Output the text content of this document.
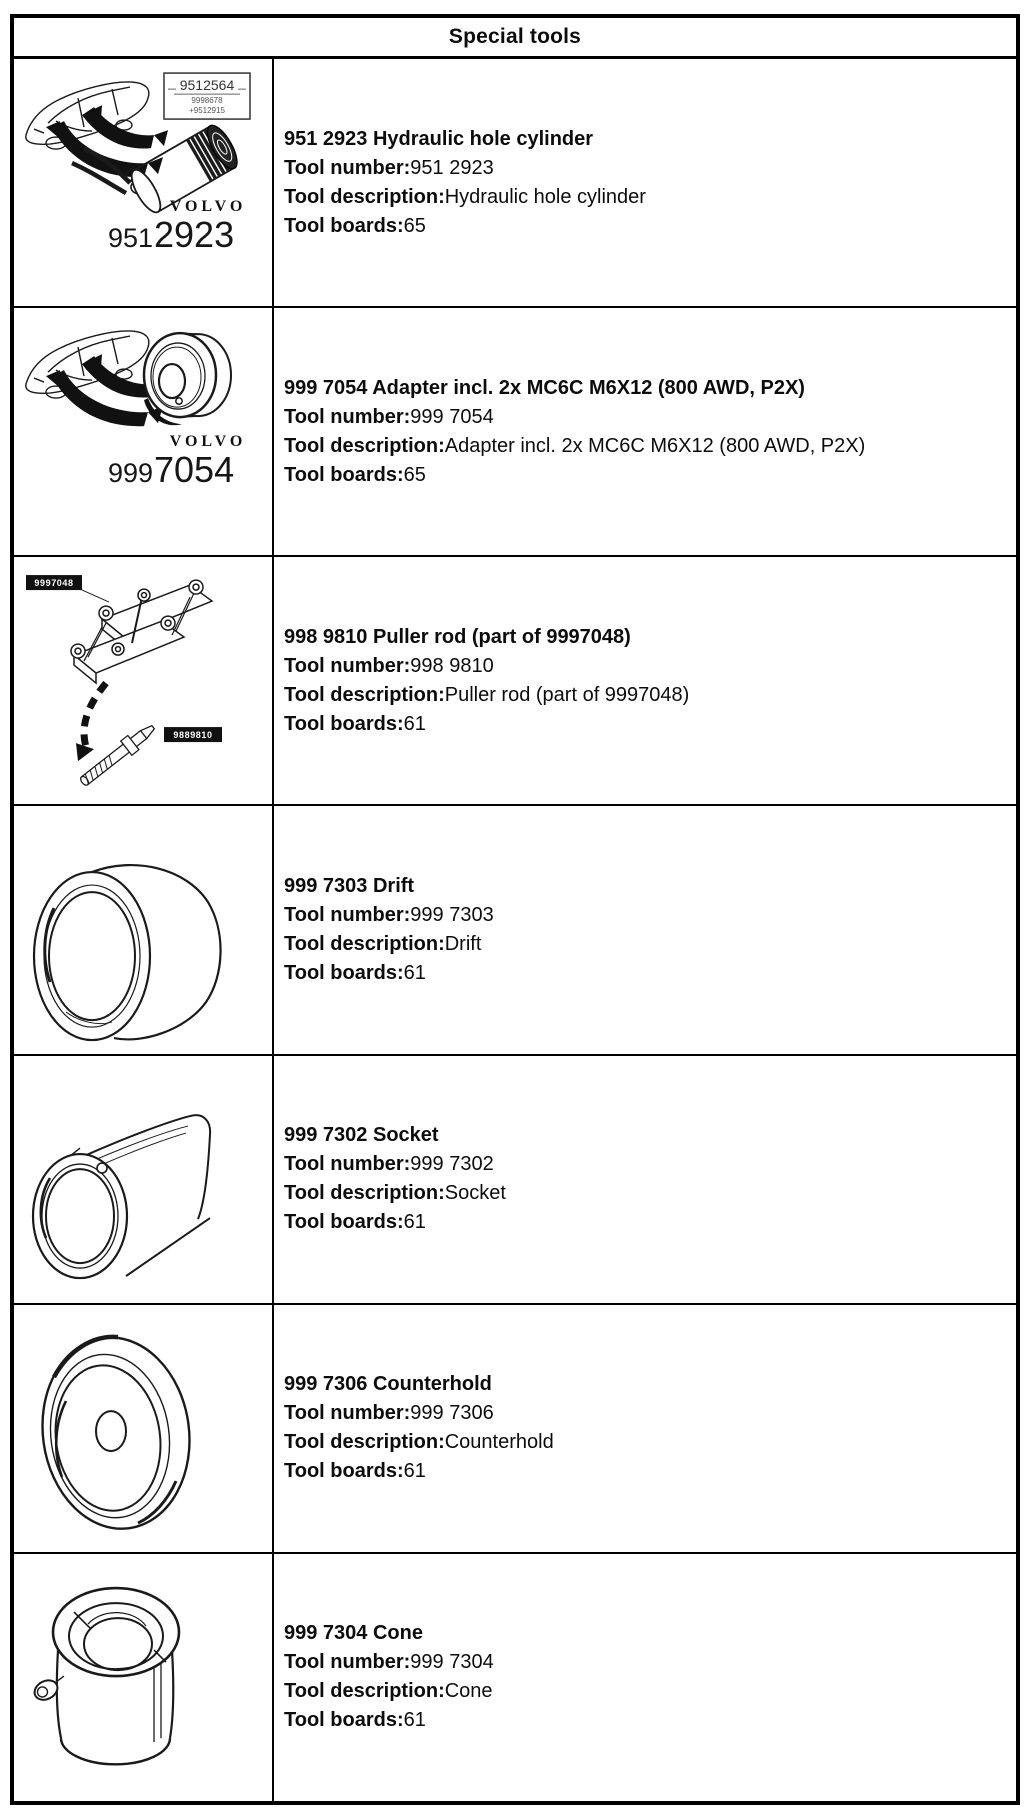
Special tools
9512564
9998678
+9512915
VOLVO
951 2923
951 2923 Hydraulic hole cylinder
Tool number:951 2923
Tool description:Hydraulic hole cylinder
Tool boards:65
VOLVO
999 7054
999 7054 Adapter incl. 2x MC6C M6X12 (800 AWD, P2X)
Tool number:999 7054
Tool description:Adapter incl. 2x MC6C M6X12 (800 AWD, P2X)
Tool boards:65
9997048
9889810
998 9810 Puller rod (part of 9997048)
Tool number:998 9810
Tool description:Puller rod (part of 9997048)
Tool boards:61
999 7303 Drift
Tool number:999 7303
Tool description:Drift
Tool boards:61
999 7302 Socket
Tool number:999 7302
Tool description:Socket
Tool boards:61
999 7306 Counterhold
Tool number:999 7306
Tool description:Counterhold
Tool boards:61
999 7304 Cone
Tool number:999 7304
Tool description:Cone
Tool boards:61
